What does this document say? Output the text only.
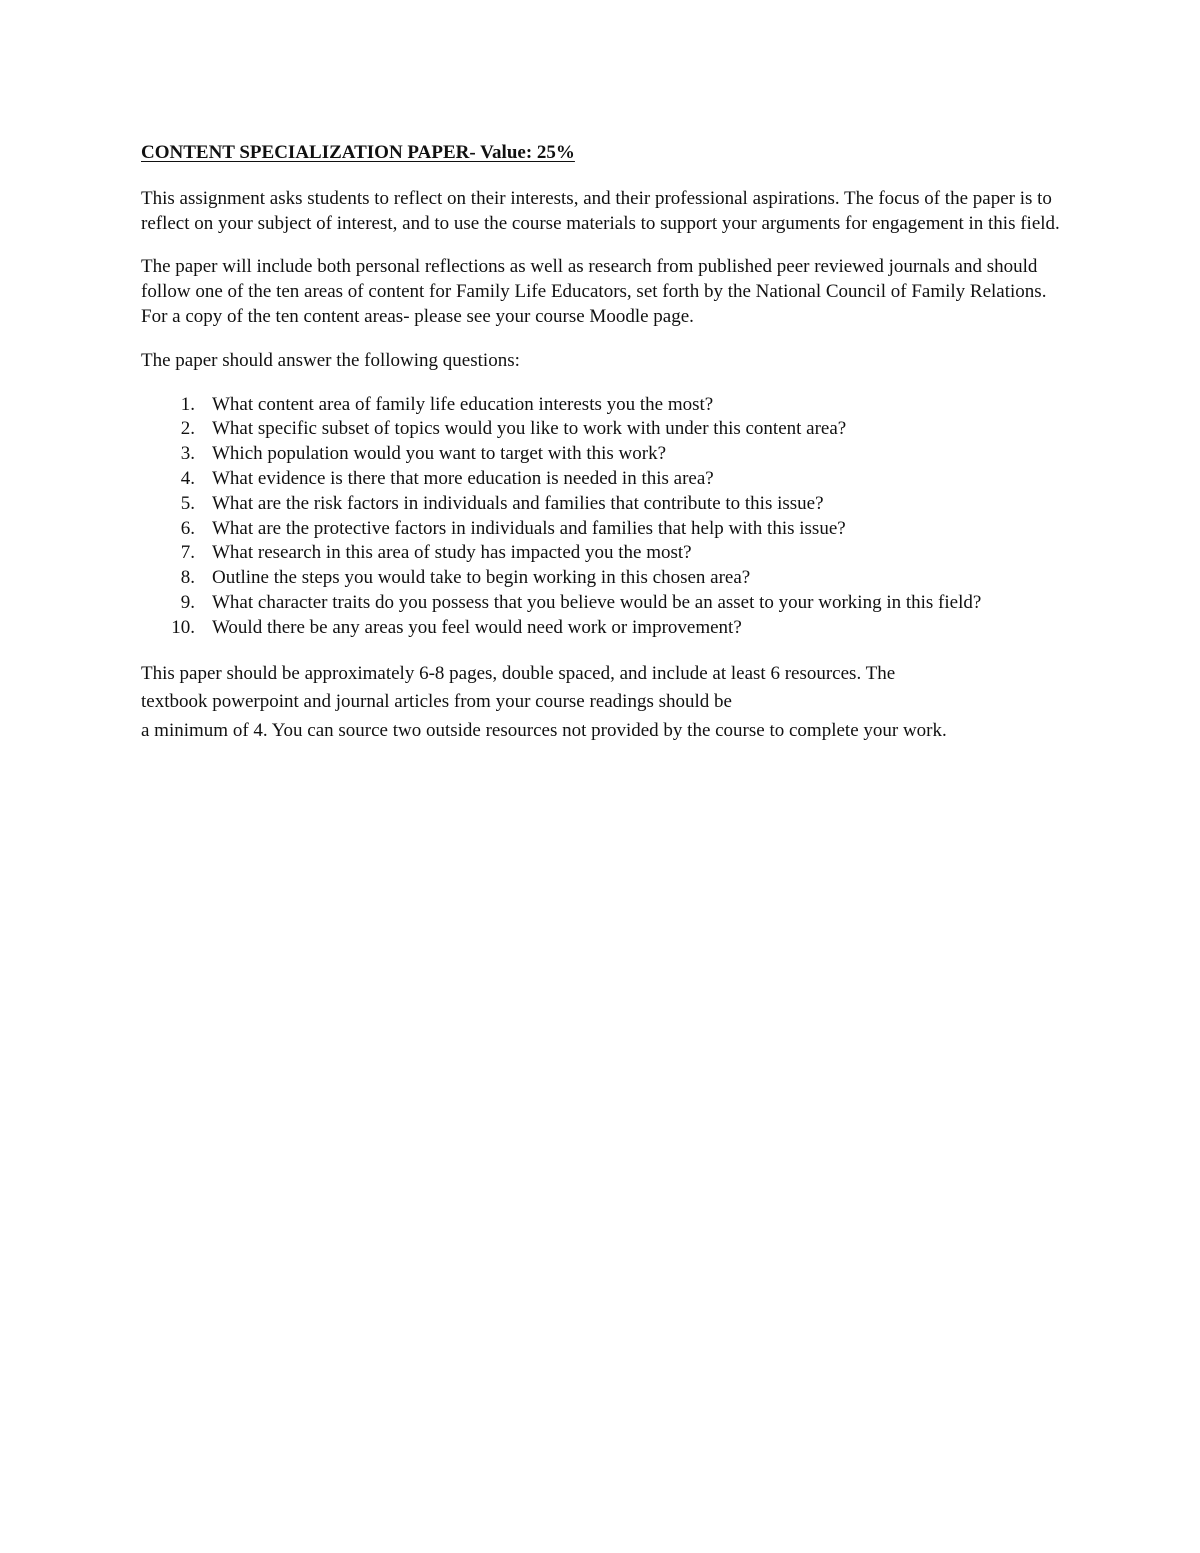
CONTENT SPECIALIZATION PAPER- Value: 25%

This assignment asks students to reflect on their interests, and their professional aspirations. The focus of the paper is to reflect on your subject of interest, and to use the course materials to support your arguments for engagement in this field.

The paper will include both personal reflections as well as research from published peer reviewed journals and should follow one of the ten areas of content for Family Life Educators, set forth by the National Council of Family Relations. For a copy of the ten content areas- please see your course Moodle page.

The paper should answer the following questions:

1. What content area of family life education interests you the most?
2. What specific subset of topics would you like to work with under this content area?
3. Which population would you want to target with this work?
4. What evidence is there that more education is needed in this area?
5. What are the risk factors in individuals and families that contribute to this issue?
6. What are the protective factors in individuals and families that help with this issue?
7. What research in this area of study has impacted you the most?
8. Outline the steps you would take to begin working in this chosen area?
9. What character traits do you possess that you believe would be an asset to your working in this field?
10. Would there be any areas you feel would need work or improvement?
This paper should be approximately 6-8 pages, double spaced, and include at least 6 resources. The
textbook powerpoint and journal articles from your course readings should be
a minimum of 4. You can source two outside resources not provided by the course to complete your work.
